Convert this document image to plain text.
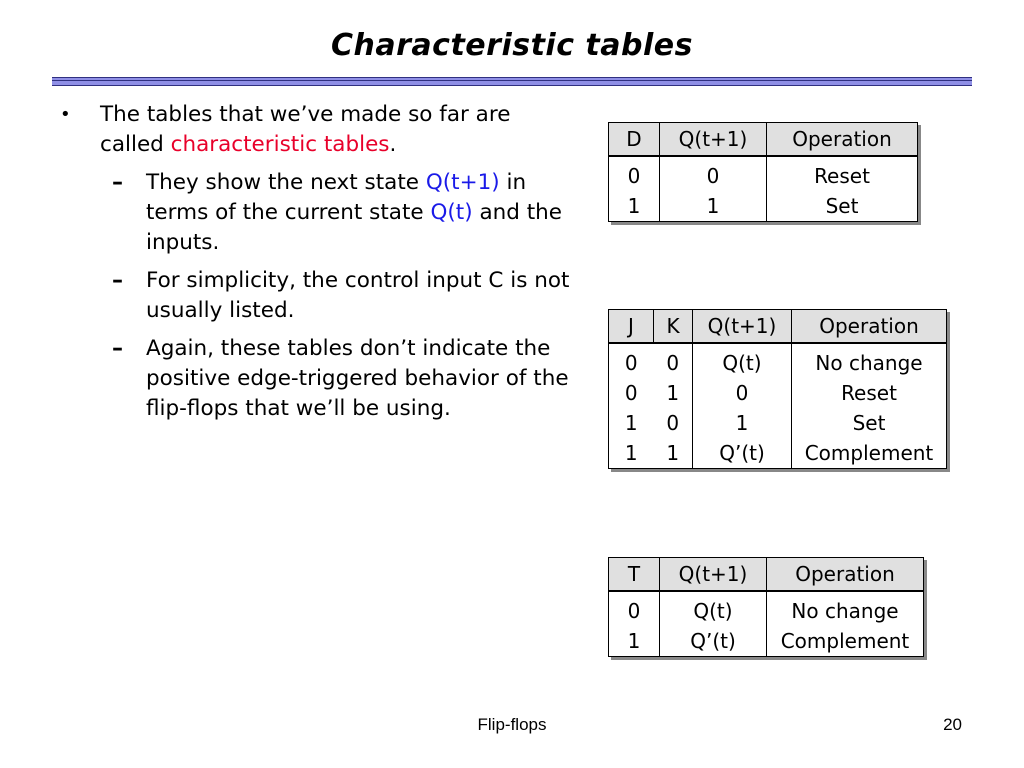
Characteristic tables
• The tables that we’ve made so far are called characteristic tables.
– They show the next state Q(t+1) in terms of the current state Q(t) and the inputs.
– For simplicity, the control input C is not usually listed.
– Again, these tables don’t indicate the positive edge-triggered behavior of the flip-flops that we’ll be using.
D	Q(t+1)	Operation
0	0	Reset
1	1	Set
J	K	Q(t+1)	Operation
0	0	Q(t)	No change
0	1	0	Reset
1	0	1	Set
1	1	Q’(t)	Complement
T	Q(t+1)	Operation
0	Q(t)	No change
1	Q’(t)	Complement
Flip-flops	20
